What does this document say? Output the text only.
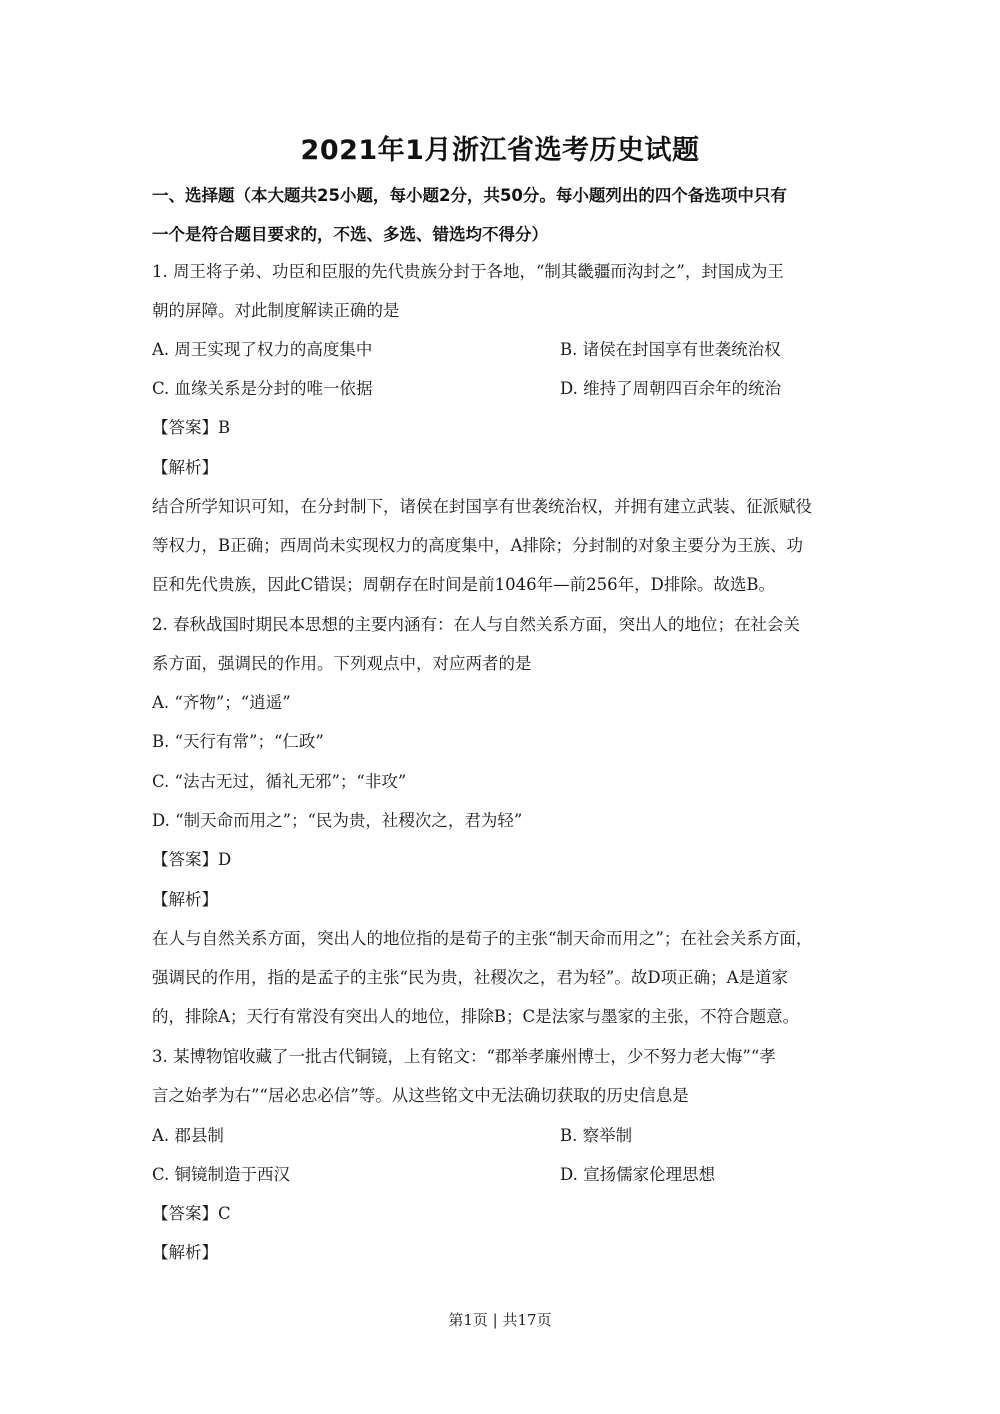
2021年1月浙江省选考历史试题
一、选择题（本大题共25小题，每小题2分，共50分。每小题列出的四个备选项中只有
一个是符合题目要求的，不选、多选、错选均不得分）
1. 周王将子弟、功臣和臣服的先代贵族分封于各地，“制其畿疆而沟封之”，封国成为王
朝的屏障。对此制度解读正确的是
A. 周王实现了权力的高度集中	B. 诸侯在封国享有世袭统治权
C. 血缘关系是分封的唯一依据	D. 维持了周朝四百余年的统治
【答案】B
【解析】
结合所学知识可知，在分封制下，诸侯在封国享有世袭统治权，并拥有建立武装、征派赋役
等权力，B正确；西周尚未实现权力的高度集中，A排除；分封制的对象主要分为王族、功
臣和先代贵族，因此C错误；周朝存在时间是前1046年—前256年，D排除。故选B。
2. 春秋战国时期民本思想的主要内涵有：在人与自然关系方面，突出人的地位；在社会关
系方面，强调民的作用。下列观点中，对应两者的是
A. “齐物”；“逍遥”
B. “天行有常”；“仁政”
C. “法古无过，循礼无邪”；“非攻”
D. “制天命而用之”；“民为贵，社稷次之，君为轻”
【答案】D
【解析】
在人与自然关系方面，突出人的地位指的是荀子的主张“制天命而用之”；在社会关系方面，
强调民的作用，指的是孟子的主张“民为贵，社稷次之，君为轻”。故D项正确；A是道家
的，排除A；天行有常没有突出人的地位，排除B；C是法家与墨家的主张，不符合题意。
3. 某博物馆收藏了一批古代铜镜，上有铭文：“郡举孝廉州博士，少不努力老大悔”“孝
言之始孝为右”“居必忠必信”等。从这些铭文中无法确切获取的历史信息是
A. 郡县制	B. 察举制
C. 铜镜制造于西汉	D. 宣扬儒家伦理思想
【答案】C
【解析】
第1页 | 共17页
